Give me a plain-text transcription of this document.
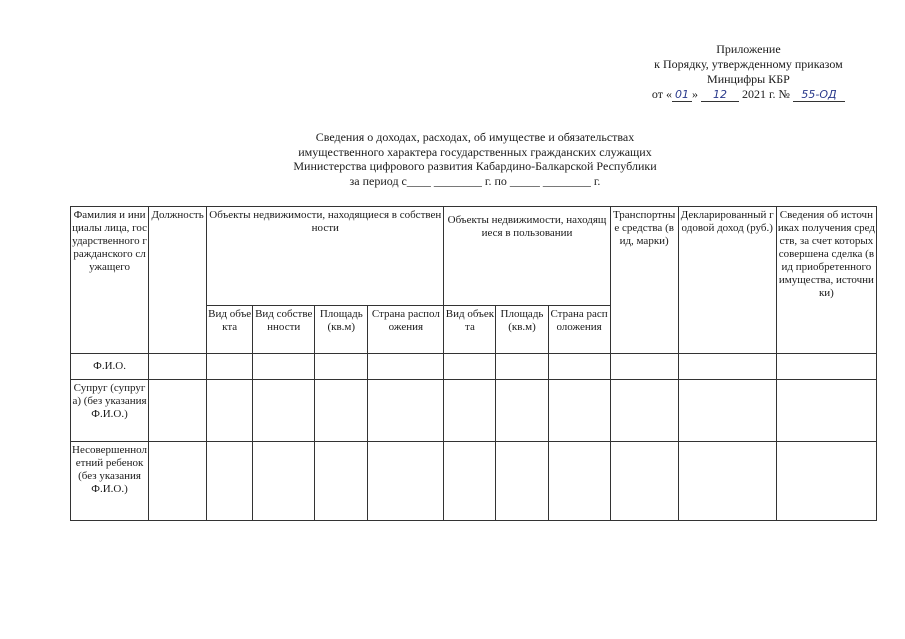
Приложение
к Порядку, утвержденному приказом
Минцифры КБР
от « 01 » 12 2021 г. № 55-ОД
Сведения о доходах, расходах, об имуществе и обязательствах
имущественного характера государственных гражданских служащих
Министерства цифрового развития Кабардино-Балкарской Республики
за период с____ ________ г. по _____ ________ г.
Фамилия и инициалы лица, государственного гражданского служащего	Должность	Объекты недвижимости, находящиеся в собственности				Объекты недвижимости, находящиеся в пользовании			Транспортные средства (вид, марки)	Декларированный годовой доход (руб.)	Сведения об источниках получения средств, за счет которых совершена сделка (вид приобретенного имущества, источники)
		Вид объекта	Вид собственности	Площадь (кв.м)	Страна расположения	Вид объекта	Площадь (кв.м)	Страна расположения			
Ф.И.О.											
Супруг (супруга) (без указания Ф.И.О.)											
Несовершеннолетний ребенок (без указания Ф.И.О.)											
